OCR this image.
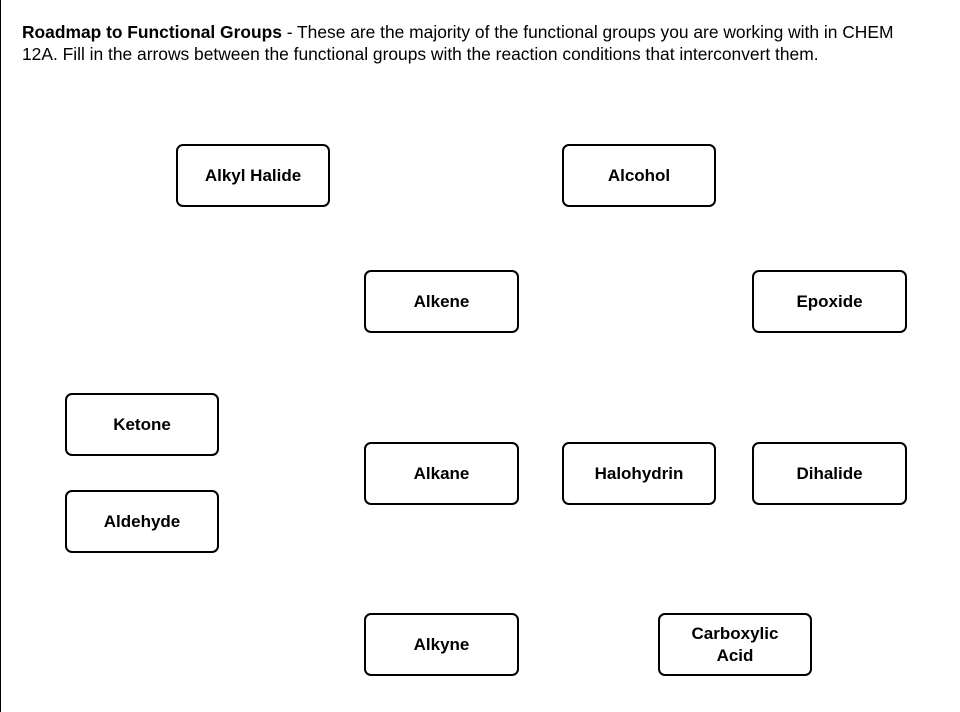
Roadmap to Functional Groups - These are the majority of the functional groups you are working with in CHEM 12A. Fill in the arrows between the functional groups with the reaction conditions that interconvert them.

Alkyl Halide	Alcohol
Alkene	Epoxide
Ketone
Alkane	Halohydrin	Dihalide
Aldehyde
Alkyne
Carboxylic
Acid
